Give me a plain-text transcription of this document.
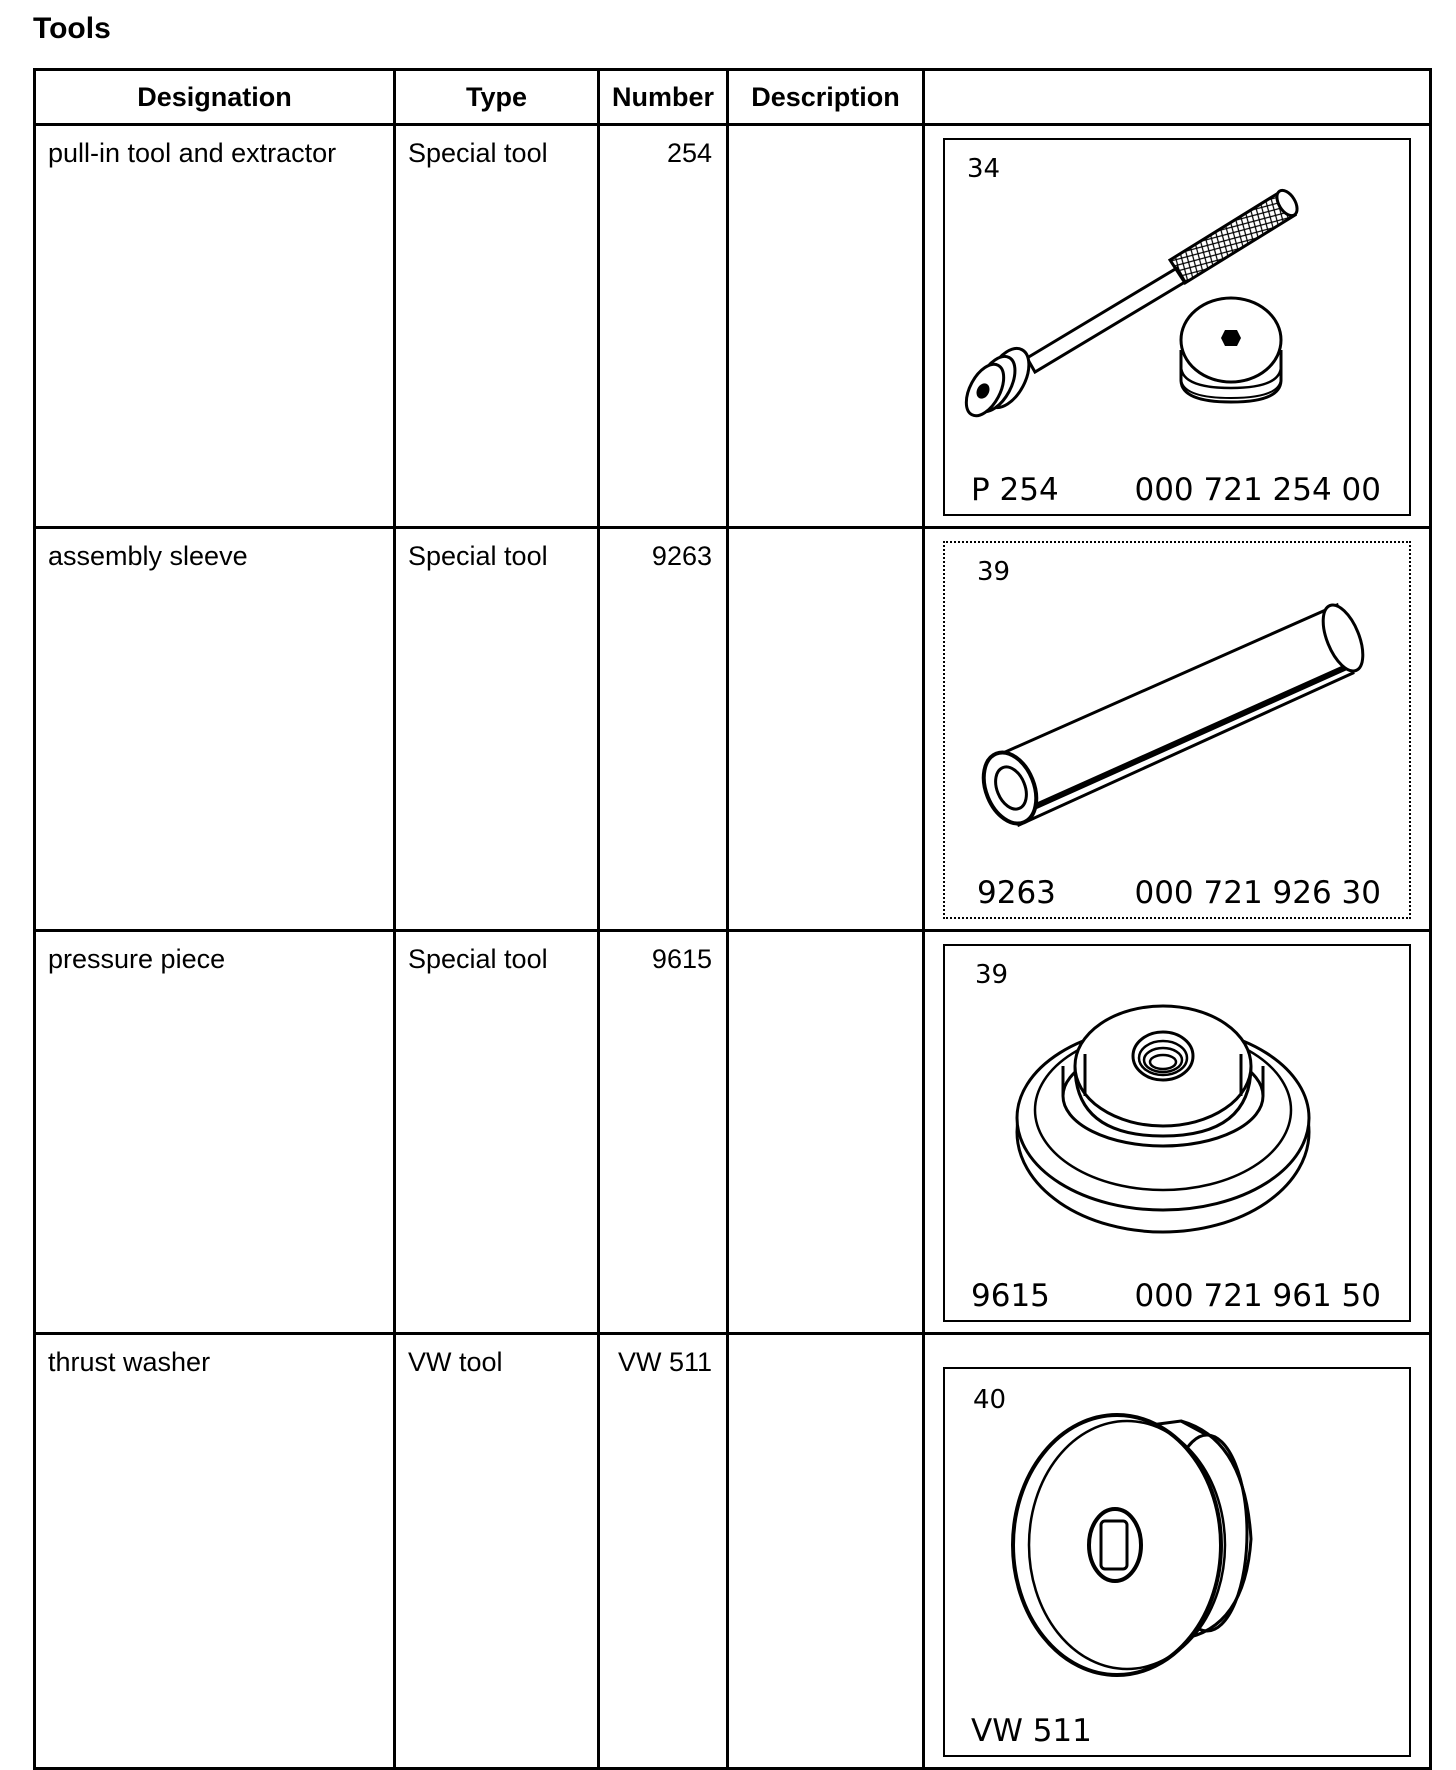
Tools
Designation	Type	Number	Description	
pull-in tool and extractor	Special tool	254		34
P 254 000 721 254 00

assembly sleeve	Special tool	9263		39
9263 000 721 926 30

pressure piece	Special tool	9615		39
9615 000 721 961 50

thrust washer	VW tool	VW 511		40
VW 511
